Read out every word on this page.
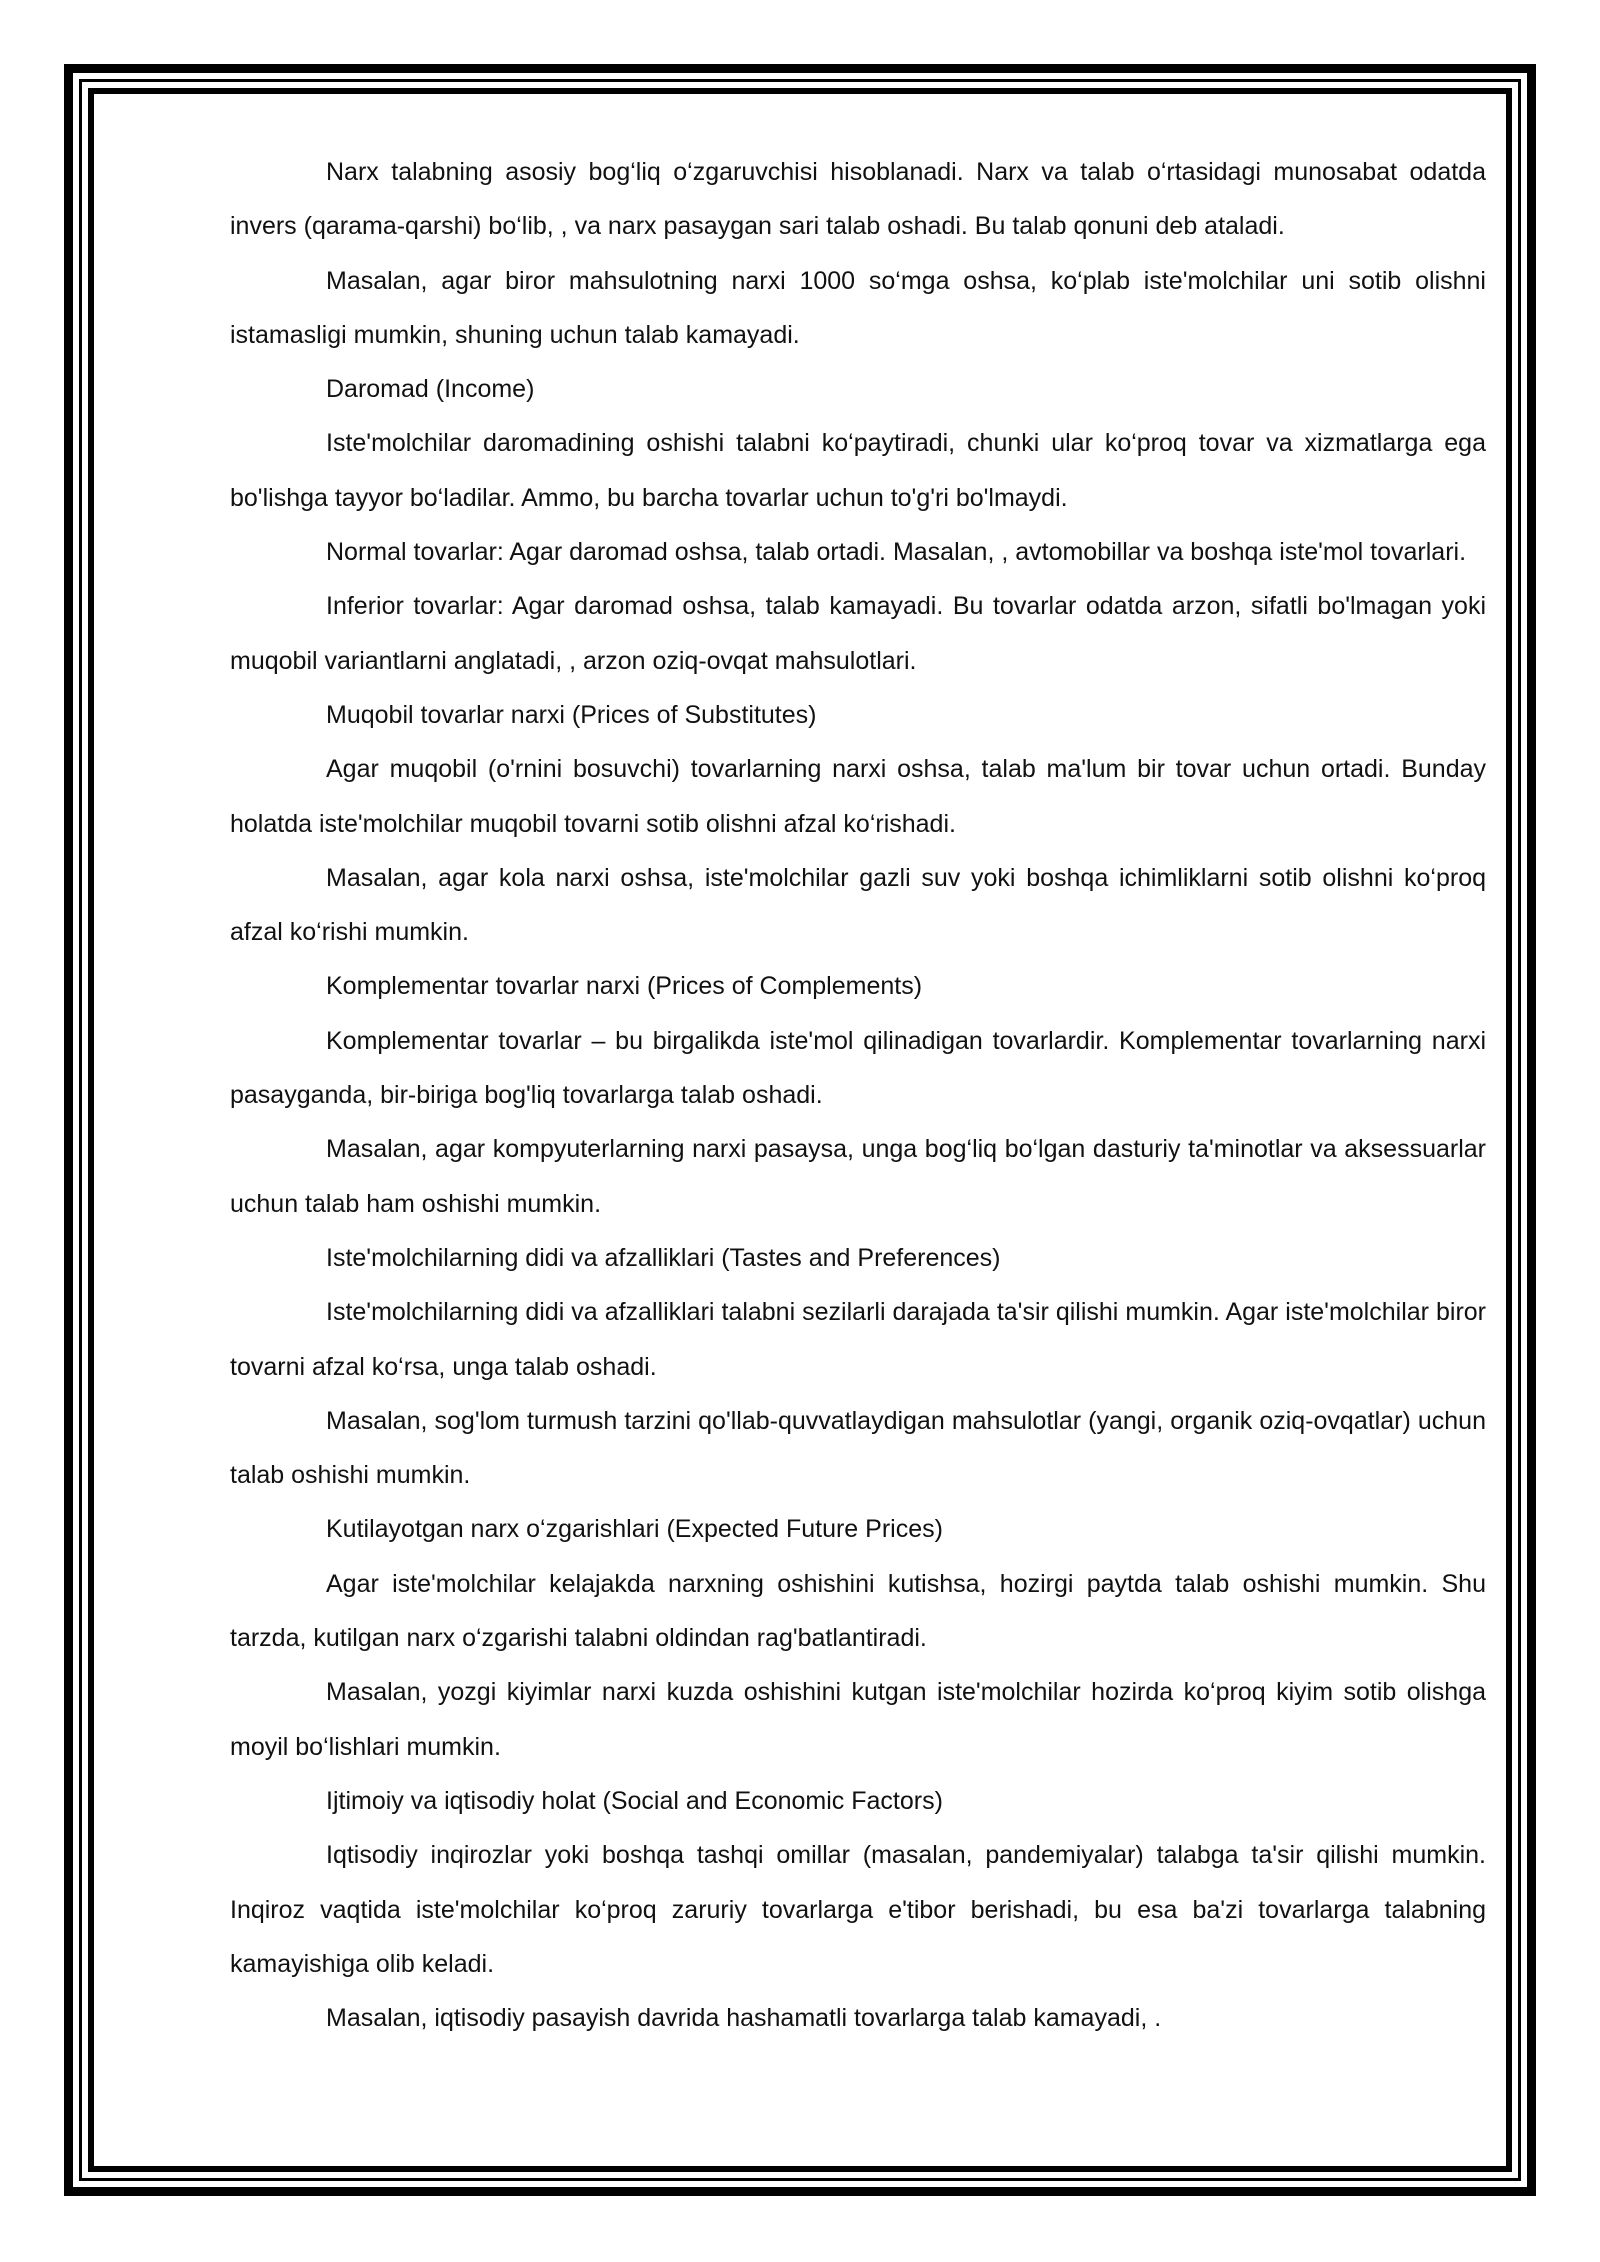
Narx talabning asosiy bog‘liq o‘zgaruvchisi hisoblanadi. Narx va talab o‘rtasidagi munosabat odatda invers (qarama-qarshi) bo‘lib, , va narx pasaygan sari talab oshadi. Bu talab qonuni deb ataladi.

Masalan, agar biror mahsulotning narxi 1000 so‘mga oshsa, ko‘plab iste'molchilar uni sotib olishni istamasligi mumkin, shuning uchun talab kamayadi.

Daromad (Income)

Iste'molchilar daromadining oshishi talabni ko‘paytiradi, chunki ular ko‘proq tovar va xizmatlarga ega bo'lishga tayyor bo‘ladilar. Ammo, bu barcha tovarlar uchun to'g'ri bo'lmaydi.

Normal tovarlar: Agar daromad oshsa, talab ortadi. Masalan, , avtomobillar va boshqa iste'mol tovarlari.

Inferior tovarlar: Agar daromad oshsa, talab kamayadi. Bu tovarlar odatda arzon, sifatli bo'lmagan yoki muqobil variantlarni anglatadi, , arzon oziq-ovqat mahsulotlari.

Muqobil tovarlar narxi (Prices of Substitutes)

Agar muqobil (o'rnini bosuvchi) tovarlarning narxi oshsa, talab ma'lum bir tovar uchun ortadi. Bunday holatda iste'molchilar muqobil tovarni sotib olishni afzal ko‘rishadi.

Masalan, agar kola narxi oshsa, iste'molchilar gazli suv yoki boshqa ichimliklarni sotib olishni ko‘proq afzal ko‘rishi mumkin.

Komplementar tovarlar narxi (Prices of Complements)

Komplementar tovarlar – bu birgalikda iste'mol qilinadigan tovarlardir. Komplementar tovarlarning narxi pasayganda, bir-biriga bog'liq tovarlarga talab oshadi.

Masalan, agar kompyuterlarning narxi pasaysa, unga bog‘liq bo‘lgan dasturiy ta'minotlar va aksessuarlar uchun talab ham oshishi mumkin.

Iste'molchilarning didi va afzalliklari (Tastes and Preferences)

Iste'molchilarning didi va afzalliklari talabni sezilarli darajada ta'sir qilishi mumkin. Agar iste'molchilar biror tovarni afzal ko‘rsa, unga talab oshadi.

Masalan, sog'lom turmush tarzini qo'llab-quvvatlaydigan mahsulotlar (yangi, organik oziq-ovqatlar) uchun talab oshishi mumkin.

Kutilayotgan narx o‘zgarishlari (Expected Future Prices)

Agar iste'molchilar kelajakda narxning oshishini kutishsa, hozirgi paytda talab oshishi mumkin. Shu tarzda, kutilgan narx o‘zgarishi talabni oldindan rag'batlantiradi.

Masalan, yozgi kiyimlar narxi kuzda oshishini kutgan iste'molchilar hozirda ko‘proq kiyim sotib olishga moyil bo‘lishlari mumkin.

Ijtimoiy va iqtisodiy holat (Social and Economic Factors)

Iqtisodiy inqirozlar yoki boshqa tashqi omillar (masalan, pandemiyalar) talabga ta'sir qilishi mumkin. Inqiroz vaqtida iste'molchilar ko‘proq zaruriy tovarlarga e'tibor berishadi, bu esa ba'zi tovarlarga talabning kamayishiga olib keladi.

Masalan, iqtisodiy pasayish davrida hashamatli tovarlarga talab kamayadi, .
